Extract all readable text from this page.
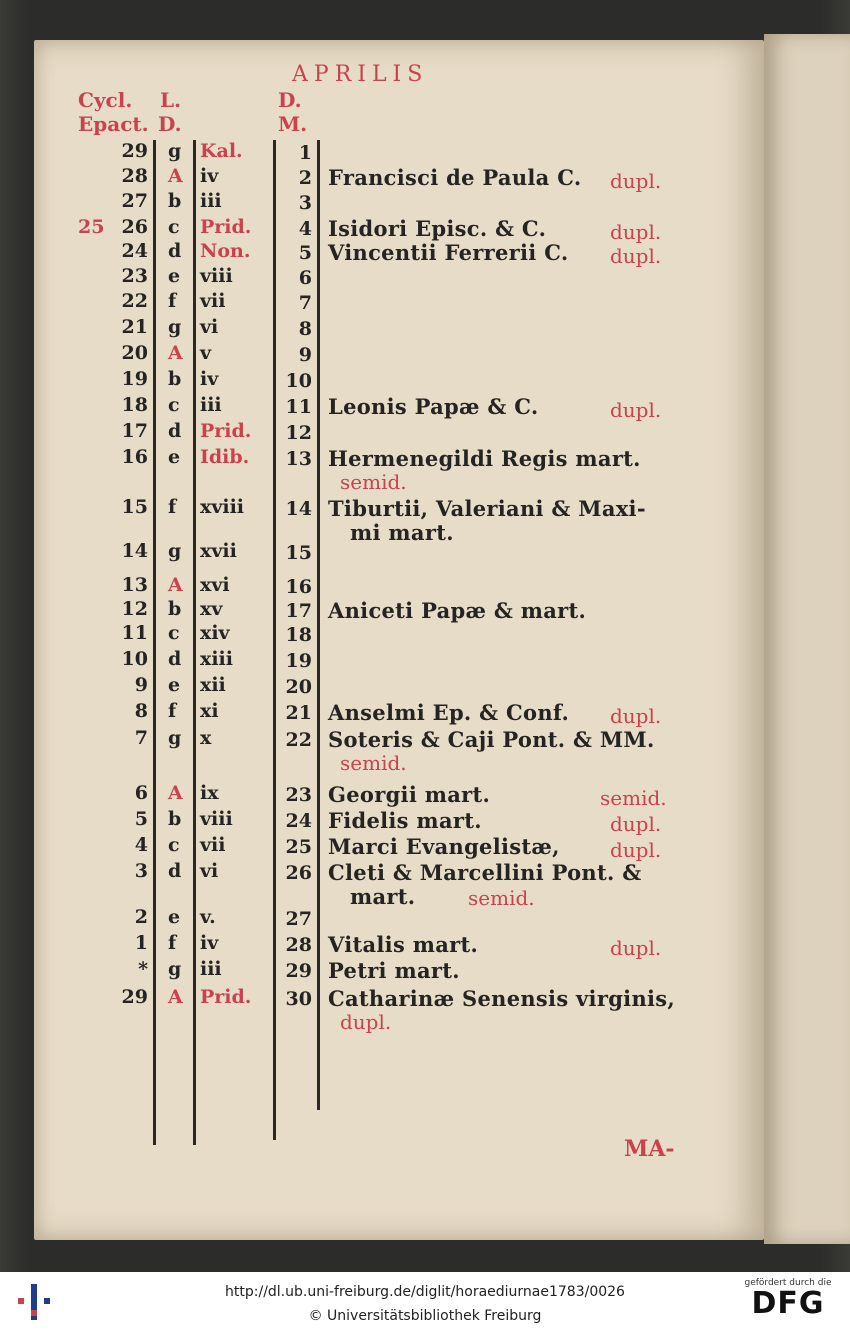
APRILIS
Cycl. L.	D.
Epact. D.	M.
29 g Kal.	1
28 A iv	2 Francisci de Paula C.	dupl.
27 b iii	3
25 26 c Prid.	4 Isidori Episc. & C.	dupl.
24 d Non.	5 Vincentii Ferrerii C.	dupl.
23 e viii	6
22 f vii	7
21 g vi	8
20 A v	9
19 b iv	10
18 c iii	11 Leonis Papæ & C.	dupl.
17 d Prid. 12
16 e Idib. 13 Hermenegildi Regis mart.
semid.
15 f xviii 14 Tiburtii, Valeriani & Maxi-
mi mart.
14 g xvii	15
13 A xvi	16
12 b xv	17 Aniceti Papæ & mart.
11 c xiv	18
10 d xiii	19
9 e xii	20
8 f xi	21 Anselmi Ep. & Conf.	dupl.
7 g x	22 Soteris & Caji Pont. & MM.
semid.
6 A ix	23 Georgii mart.	semid.
5 b viii	24 Fidelis mart.	dupl.
4 c vii	25 Marci Evangelistæ,	dupl.
3 d vi	26 Cleti & Marcellini Pont. &
mart.	semid.
2 e v.	27
1 f iv	28 Vitalis mart.	dupl.
* g iii	29 Petri mart.
29 A Prid. 30 Catharinæ Senensis virginis,
dupl.
MA-
http://dl.ub.uni-freiburg.de/diglit/horaediurnae1783/0026
© Universitätsbibliothek Freiburg
gefördert durch die
DFG
